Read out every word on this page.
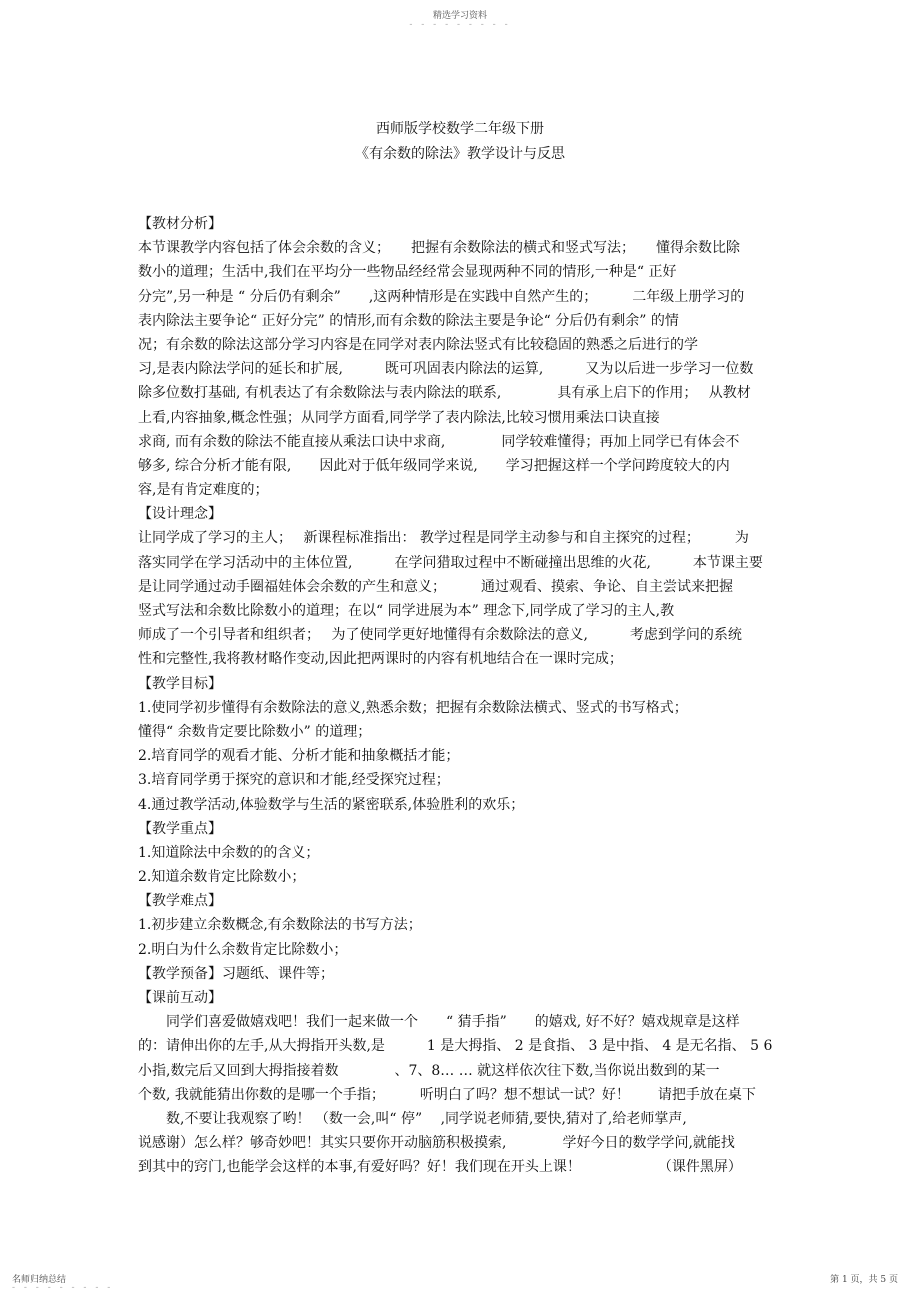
精选学习资料
- - - - - - - - -
西师版学校数学二年级下册
《有余数的除法》教学设计与反思
【教材分析】
本节课教学内容包括了体会余数的含义；　　把握有余数除法的横式和竖式写法；　　懂得余数比除
数小的道理；生活中,我们在平均分一些物品经经常会显现两种不同的情形,一种是“ 正好
分完”,另一种是 “ 分后仍有剩余”　　,这两种情形是在实践中自然产生的；　　　二年级上册学习的
表内除法主要争论“ 正好分完” 的情形,而有余数的除法主要是争论“ 分后仍有剩余” 的情
况；有余数的除法这部分学习内容是在同学对表内除法竖式有比较稳固的熟悉之后进行的学
习,是表内除法学问的延长和扩展,　　　既可巩固表内除法的运算,　　　又为以后进一步学习一位数
除多位数打基础, 有机表达了有余数除法与表内除法的联系,　　　　具有承上启下的作用；　 从教材
上看,内容抽象,概念性强；从同学方面看,同学学了表内除法,比较习惯用乘法口诀直接
求商, 而有余数的除法不能直接从乘法口诀中求商,　　　　同学较难懂得；再加上同学已有体会不
够多, 综合分析才能有限,　　因此对于低年级同学来说,　　学习把握这样一个学问跨度较大的内
容,是有肯定难度的；
【设计理念】
让同学成了学习的主人；　 新课程标准指出： 教学过程是同学主动参与和自主探究的过程；　　　为
落实同学在学习活动中的主体位置,　　　在学问猎取过程中不断碰撞出思维的火花,　　　本节课主要
是让同学通过动手圈福娃体会余数的产生和意义；　　　通过观看、摸索、争论、自主尝试来把握
竖式写法和余数比除数小的道理；在以“ 同学进展为本” 理念下,同学成了学习的主人,教
师成了一个引导者和组织者；　 为了使同学更好地懂得有余数除法的意义,　　　考虑到学问的系统
性和完整性,我将教材略作变动,因此把两课时的内容有机地结合在一课时完成；
【教学目标】
1.使同学初步懂得有余数除法的意义,熟悉余数；把握有余数除法横式、竖式的书写格式；
懂得“ 余数肯定要比除数小” 的道理；
2.培育同学的观看才能、分析才能和抽象概括才能；
3.培育同学勇于探究的意识和才能,经受探究过程；
4.通过教学活动,体验数学与生活的紧密联系,体验胜利的欢乐；
【教学重点】
1.知道除法中余数的的含义；
2.知道余数肯定比除数小；
【教学难点】
1.初步建立余数概念,有余数除法的书写方法；
2.明白为什么余数肯定比除数小；
【教学预备】习题纸、课件等；
【课前互动】
　　同学们喜爱做嬉戏吧！我们一起来做一个　　“ 猜手指”　　的嬉戏, 好不好？嬉戏规章是这样
的：请伸出你的左手,从大拇指开头数,是　　　1 是大拇指、 2 是食指、 3 是中指、 4 是无名指、 5 6
小指,数完后又回到大拇指接着数　　　　、7、8… … 就这样依次往下数,当你说出数到的某一
个数, 我就能猜出你数的是哪一个手指；　　　听明白了吗？想不想试一试？好！　　请把手放在桌下
　　数,不要让我观察了哟！ （数一会,叫“ 停”　 ,同学说老师猜,要快,猜对了,给老师掌声,
说感谢）怎么样？够奇妙吧！其实只要你开动脑筋积极摸索,　　　　学好今日的数学学问,就能找
到其中的窍门,也能学会这样的本事,有爱好吗？好！我们现在开头上课！　　　　　　（课件黑屏）
名师归纳总结
- - - - - - - - -
第 1 页，共 5 页
